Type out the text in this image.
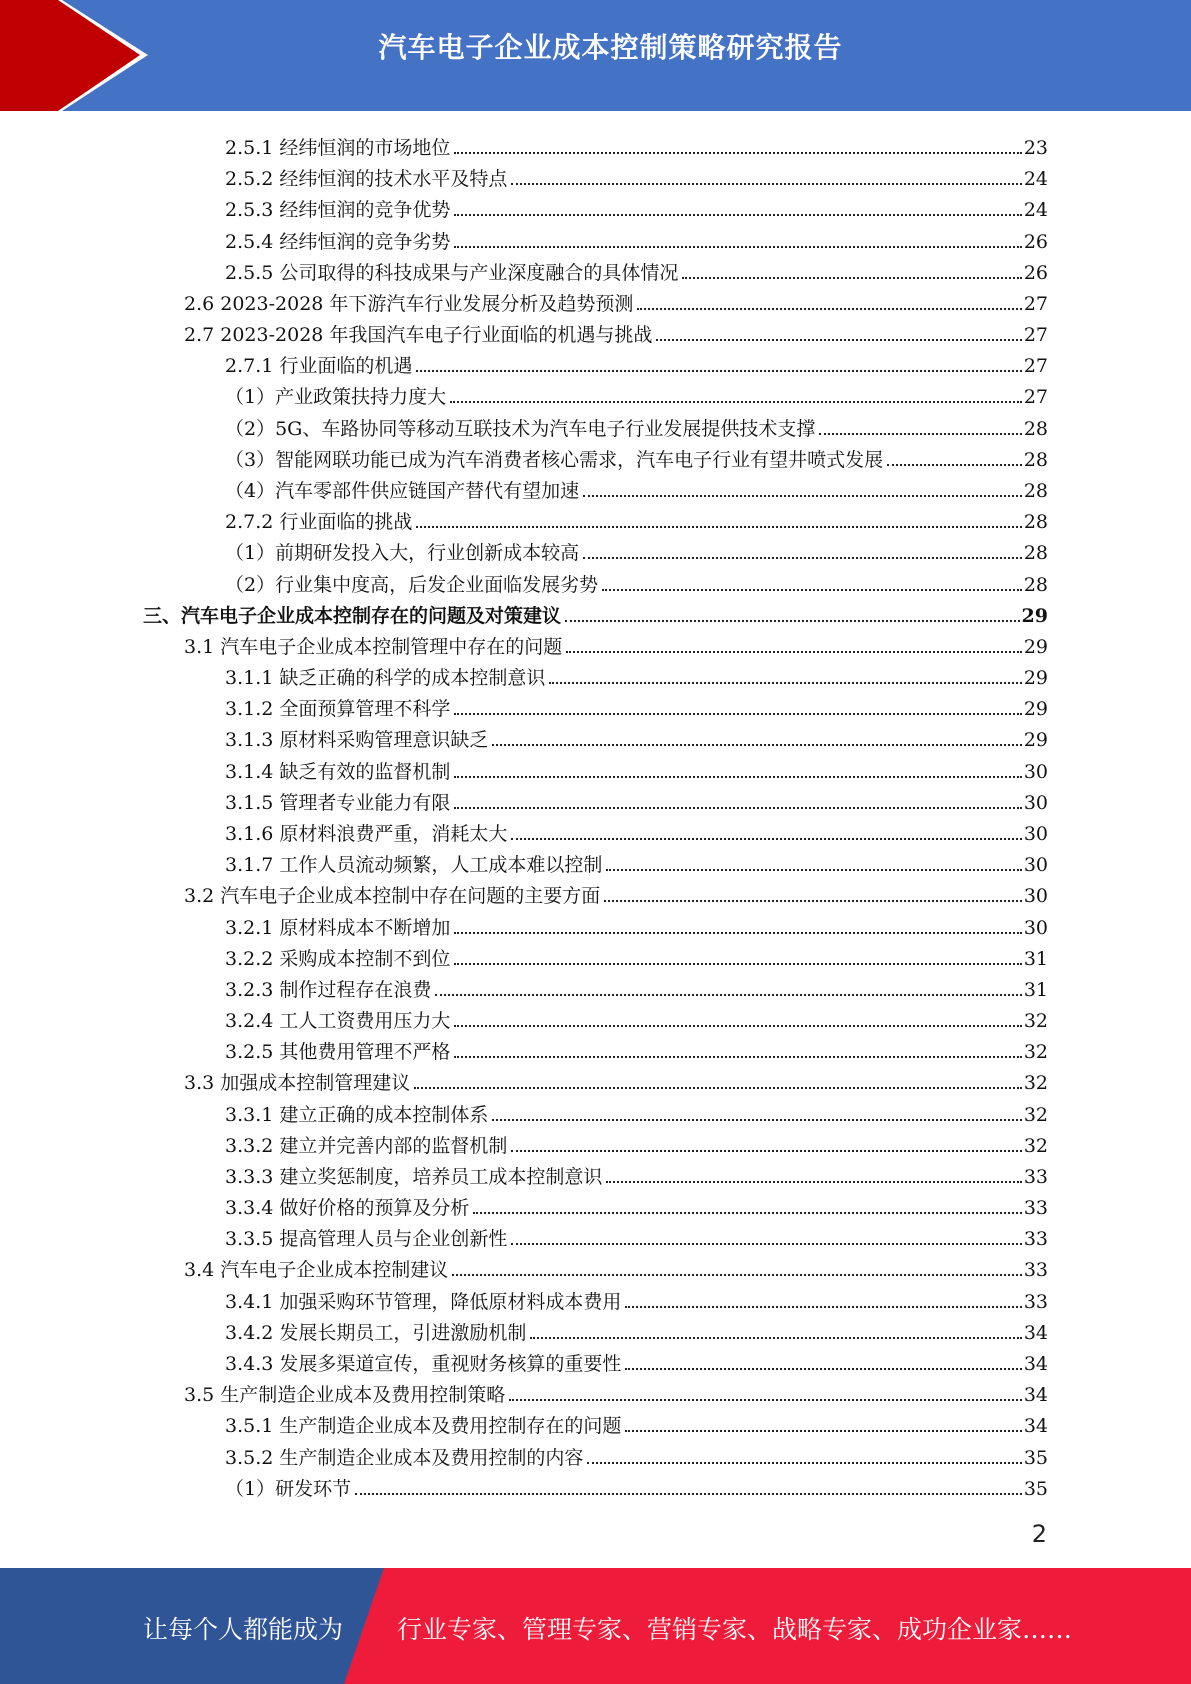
汽车电子企业成本控制策略研究报告
2.5.1 经纬恒润的市场地位	23
2.5.2 经纬恒润的技术水平及特点	24
2.5.3 经纬恒润的竞争优势	24
2.5.4 经纬恒润的竞争劣势	26
2.5.5 公司取得的科技成果与产业深度融合的具体情况	26
2.6 2023-2028 年下游汽车行业发展分析及趋势预测	27
2.7 2023-2028 年我国汽车电子行业面临的机遇与挑战	27
2.7.1 行业面临的机遇	27
（1）产业政策扶持力度大	27
（2）5G、车路协同等移动互联技术为汽车电子行业发展提供技术支撑	28
（3）智能网联功能已成为汽车消费者核心需求，汽车电子行业有望井喷式发展	28
（4）汽车零部件供应链国产替代有望加速	28
2.7.2 行业面临的挑战	28
（1）前期研发投入大，行业创新成本较高	28
（2）行业集中度高，后发企业面临发展劣势	28
三、汽车电子企业成本控制存在的问题及对策建议	29
3.1 汽车电子企业成本控制管理中存在的问题	29
3.1.1 缺乏正确的科学的成本控制意识	29
3.1.2 全面预算管理不科学	29
3.1.3 原材料采购管理意识缺乏	29
3.1.4 缺乏有效的监督机制	30
3.1.5 管理者专业能力有限	30
3.1.6 原材料浪费严重，消耗太大	30
3.1.7 工作人员流动频繁，人工成本难以控制	30
3.2 汽车电子企业成本控制中存在问题的主要方面	30
3.2.1 原材料成本不断增加	30
3.2.2 采购成本控制不到位	31
3.2.3 制作过程存在浪费	31
3.2.4 工人工资费用压力大	32
3.2.5 其他费用管理不严格	32
3.3 加强成本控制管理建议	32
3.3.1 建立正确的成本控制体系	32
3.3.2 建立并完善内部的监督机制	32
3.3.3 建立奖惩制度，培养员工成本控制意识	33
3.3.4 做好价格的预算及分析	33
3.3.5 提高管理人员与企业创新性	33
3.4 汽车电子企业成本控制建议	33
3.4.1 加强采购环节管理，降低原材料成本费用	33
3.4.2 发展长期员工，引进激励机制	34
3.4.3 发展多渠道宣传，重视财务核算的重要性	34
3.5 生产制造企业成本及费用控制策略	34
3.5.1 生产制造企业成本及费用控制存在的问题	34
3.5.2 生产制造企业成本及费用控制的内容	35
（1）研发环节	35
2
让每个人都能成为 行业专家、管理专家、营销专家、战略专家、成功企业家……
